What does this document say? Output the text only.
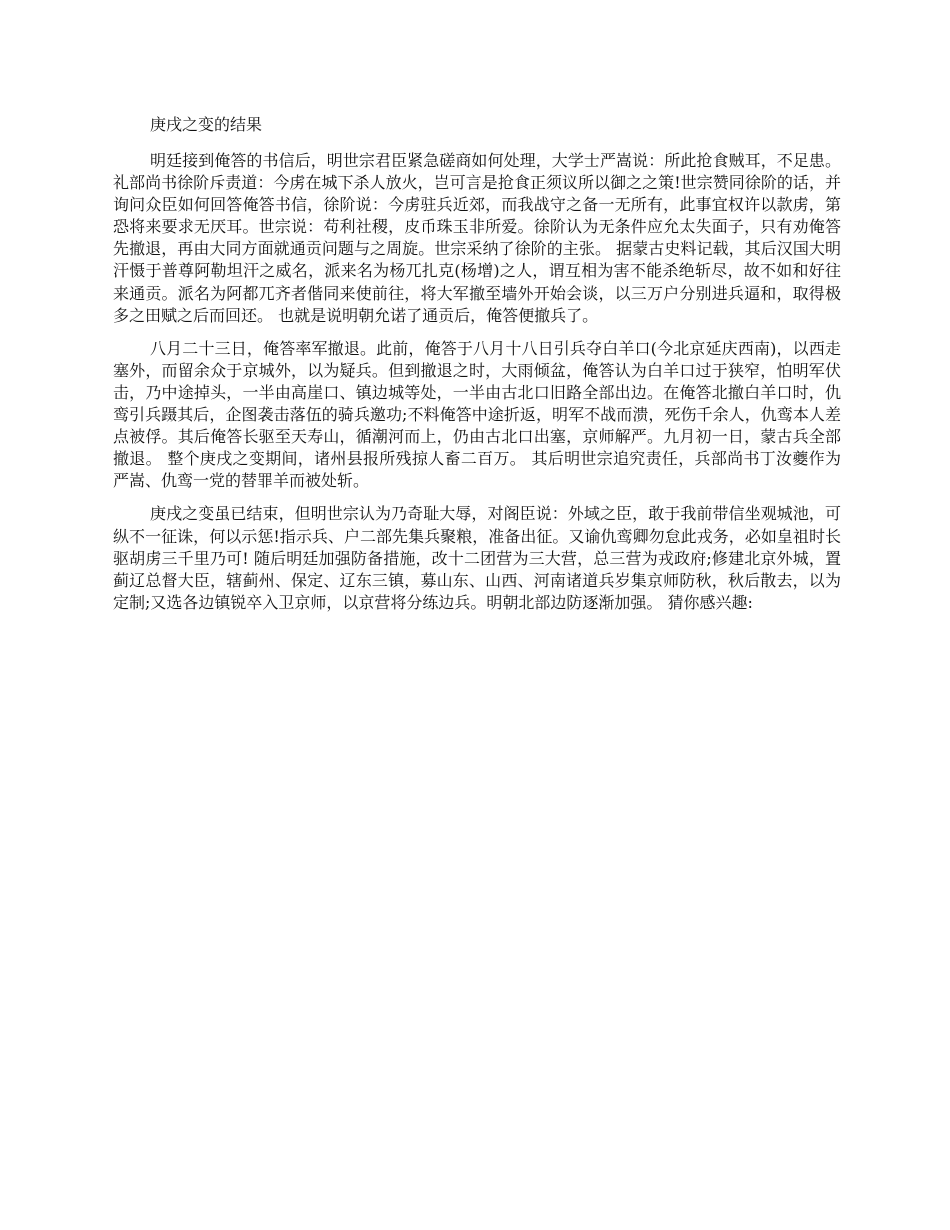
庚戌之变的结果

明廷接到俺答的书信后，明世宗君臣紧急磋商如何处理，大学士严嵩说：所此抢食贼耳，不足患。礼部尚书徐阶斥责道：今虏在城下杀人放火，岂可言是抢食正须议所以御之之策!世宗赞同徐阶的话，并询问众臣如何回答俺答书信，徐阶说：今虏驻兵近郊，而我战守之备一无所有，此事宜权许以款虏，第恐将来要求无厌耳。世宗说：苟利社稷，皮币珠玉非所爱。徐阶认为无条件应允太失面子，只有劝俺答先撤退，再由大同方面就通贡问题与之周旋。世宗采纳了徐阶的主张。 据蒙古史料记载，其后汉国大明汗慑于普尊阿勒坦汗之威名，派来名为杨兀扎克(杨增)之人，谓互相为害不能杀绝斩尽，故不如和好往来通贡。派名为阿都兀齐者偕同来使前往，将大军撤至墙外开始会谈，以三万户分别进兵逼和，取得极多之田赋之后而回还。 也就是说明朝允诺了通贡后，俺答便撤兵了。

八月二十三日，俺答率军撤退。此前，俺答于八月十八日引兵夺白羊口(今北京延庆西南)，以西走塞外，而留余众于京城外，以为疑兵。但到撤退之时，大雨倾盆，俺答认为白羊口过于狭窄，怕明军伏击，乃中途掉头，一半由高崖口、镇边城等处，一半由古北口旧路全部出边。在俺答北撤白羊口时，仇鸾引兵蹑其后，企图袭击落伍的骑兵邀功;不料俺答中途折返，明军不战而溃，死伤千余人，仇鸾本人差点被俘。其后俺答长驱至天寿山，循潮河而上，仍由古北口出塞，京师解严。九月初一日，蒙古兵全部撤退。 整个庚戌之变期间，诸州县报所残掠人畜二百万。 其后明世宗追究责任，兵部尚书丁汝夔作为严嵩、仇鸾一党的替罪羊而被处斩。

庚戌之变虽已结束，但明世宗认为乃奇耻大辱，对阁臣说：外域之臣，敢于我前带信坐观城池，可纵不一征诛，何以示惩!指示兵、户二部先集兵聚粮，准备出征。又谕仇鸾卿勿怠此戎务，必如皇祖时长驱胡虏三千里乃可! 随后明廷加强防备措施，改十二团营为三大营，总三营为戎政府;修建北京外城，置蓟辽总督大臣，辖蓟州、保定、辽东三镇，募山东、山西、河南诸道兵岁集京师防秋，秋后散去，以为定制;又选各边镇锐卒入卫京师，以京营将分练边兵。明朝北部边防逐渐加强。 猜你感兴趣:
